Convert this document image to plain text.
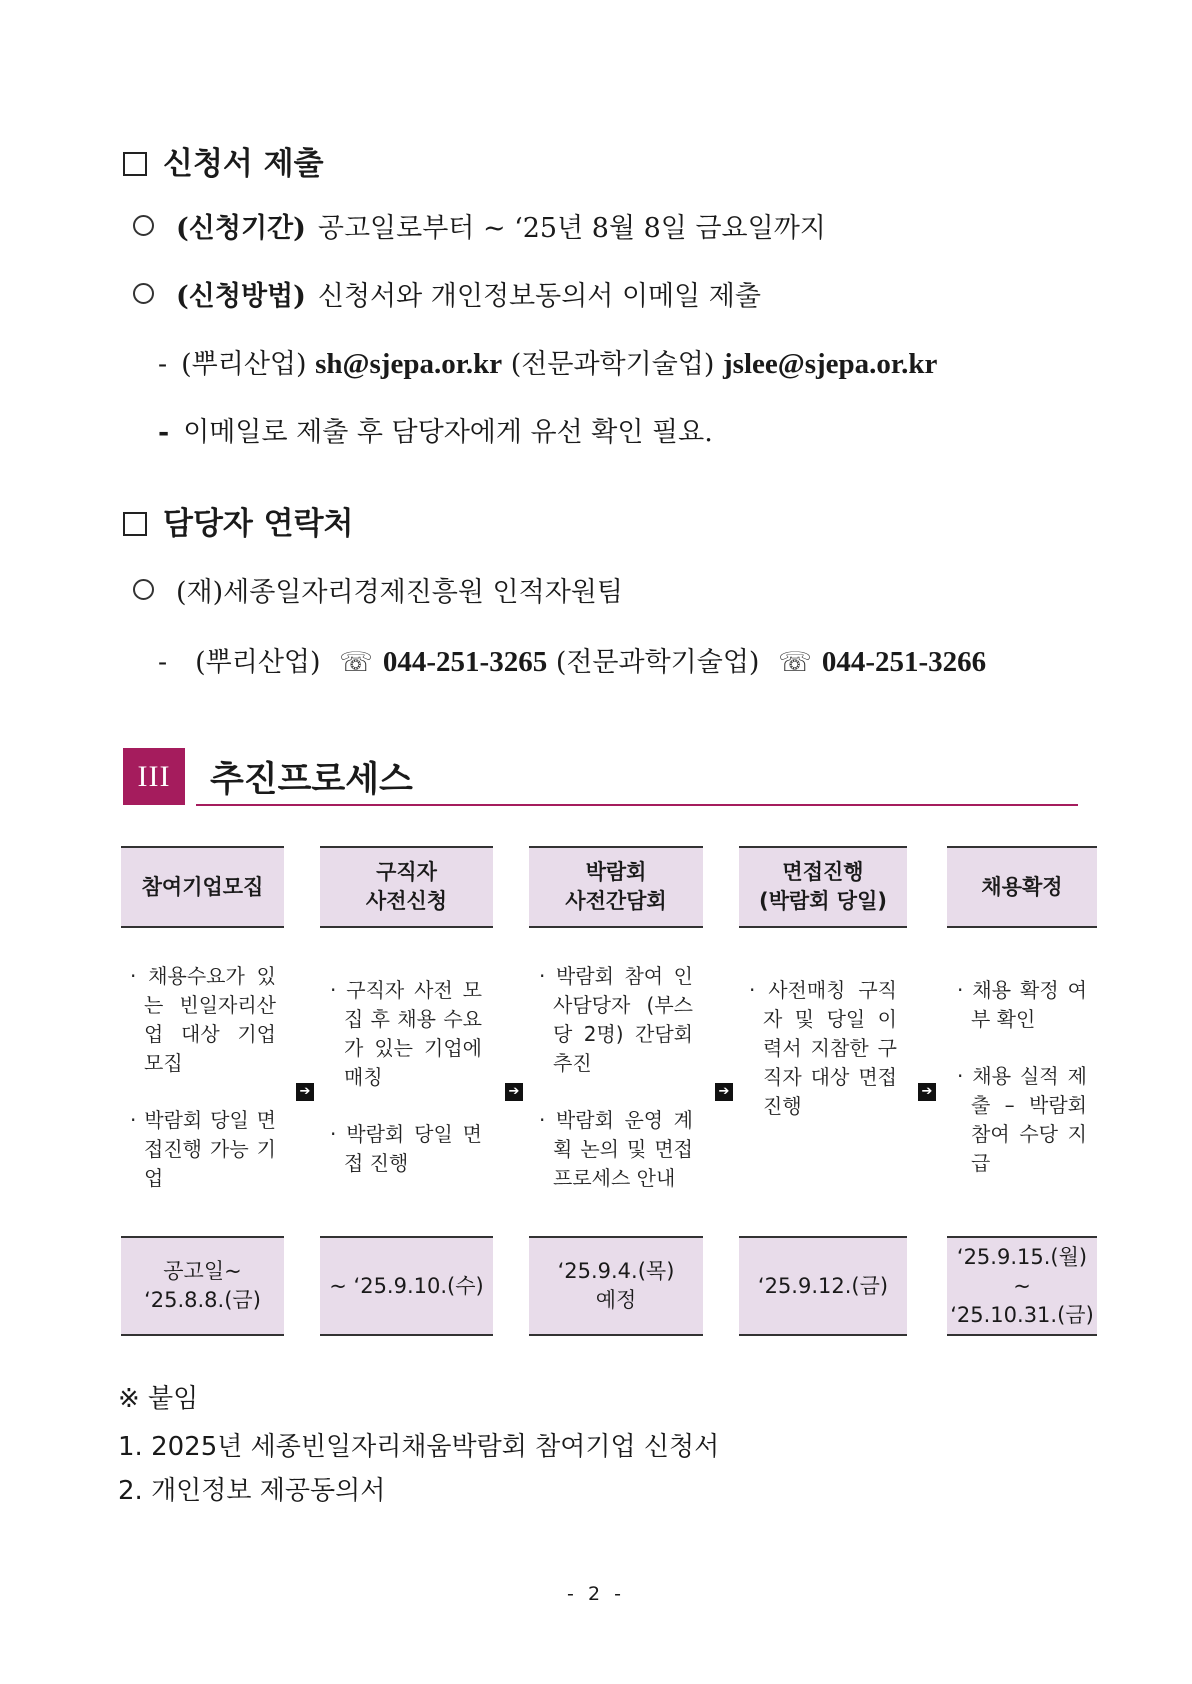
신청서 제출
(신청기간) 공고일로부터 ~ ‘25년 8월 8일 금요일까지
(신청방법) 신청서와 개인정보동의서 이메일 제출
- (뿌리산업) sh@sjepa.or.kr (전문과학기술업) jslee@sjepa.or.kr
- 이메일로 제출 후 담당자에게 유선 확인 필요.
담당자 연락처
(재)세종일자리경제진흥원 인적자원팀
- (뿌리산업) ☏ 044-251-3265 (전문과학기술업) ☏ 044-251-3266
III	추진프로세스
참여기업모집
· 채용수요가 있는 빈일자리산업 대상 기업 모집
· 박람회 당일 면접진행 가능 기업
공고일~
‘25.8.8.(금)
➔
구직자
사전신청
· 구직자 사전 모집 후 채용 수요가 있는 기업에 매칭
· 박람회 당일 면접 진행
~ ‘25.9.10.(수)
➔
박람회
사전간담회
· 박람회 참여 인사담당자 (부스당 2명) 간담회 추진
· 박람회 운영 계획 논의 및 면접 프로세스 안내
‘25.9.4.(목)
예정
➔
면접진행
(박람회 당일)
· 사전매칭 구직자 및 당일 이력서 지참한 구직자 대상 면접 진행
‘25.9.12.(금)
➔
채용확정
· 채용 확정 여부 확인
· 채용 실적 제출 – 박람회 참여 수당 지급
‘25.9.15.(월)
~
‘25.10.31.(금)
※ 붙임
1. 2025년 세종빈일자리채움박람회 참여기업 신청서
2. 개인정보 제공동의서
- 2 -
